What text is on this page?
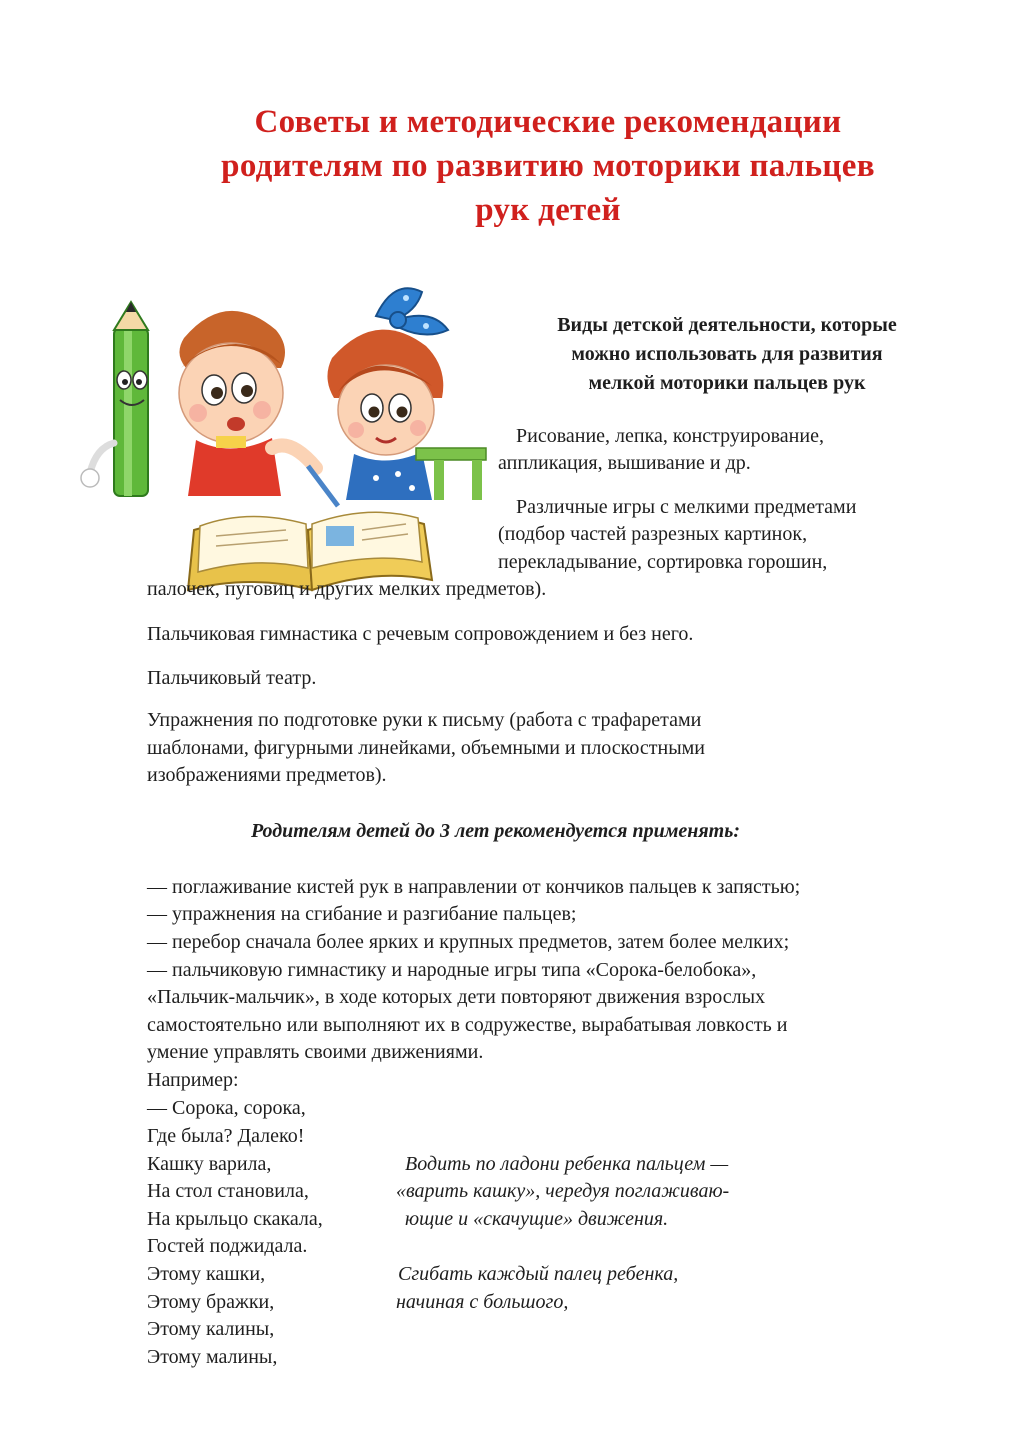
Советы и методические рекомендации
родителям по развитию моторики пальцев
рук детей
Виды детской деятельности, которые
можно использовать для развития
мелкой моторики пальцев рук
Рисование, лепка, конструирование,
аппликация, вышивание и др.
Различные игры с мелкими предметами
(подбор частей разрезных картинок,
перекладывание, сортировка горошин,
палочек, пуговиц и других мелких предметов).
Пальчиковая гимнастика с речевым сопровождением и без него.
Пальчиковый театр.
Упражнения по подготовке руки к письму (работа с трафаретами
шаблонами, фигурными линейками, объемными и плоскостными
изображениями предметов).
Родителям детей до 3 лет рекомендуется применять:
— поглаживание кистей рук в направлении от кончиков пальцев к запястью;
— упражнения на сгибание и разгибание пальцев;
— перебор сначала более ярких и крупных предметов, затем более мелких;
— пальчиковую гимнастику и народные игры типа «Сорока-белобока»,
«Пальчик-мальчик», в ходе которых дети повторяют движения взрослых
самостоятельно или выполняют их в содружестве, вырабатывая ловкость и
умение управлять своими движениями.
Например:
— Сорока, сорока,
Где была? Далеко!
Кашку варила,
На стол становила,
На крыльцо скакала,
Гостей поджидала.
Этому кашки,
Этому бражки,
Этому калины,
Этому малины,
Водить по ладони ребенка пальцем —
«варить кашку», чередуя поглаживаю-
ющие и «скачущие» движения.
Сгибать каждый палец ребенка,
начиная с большого,
